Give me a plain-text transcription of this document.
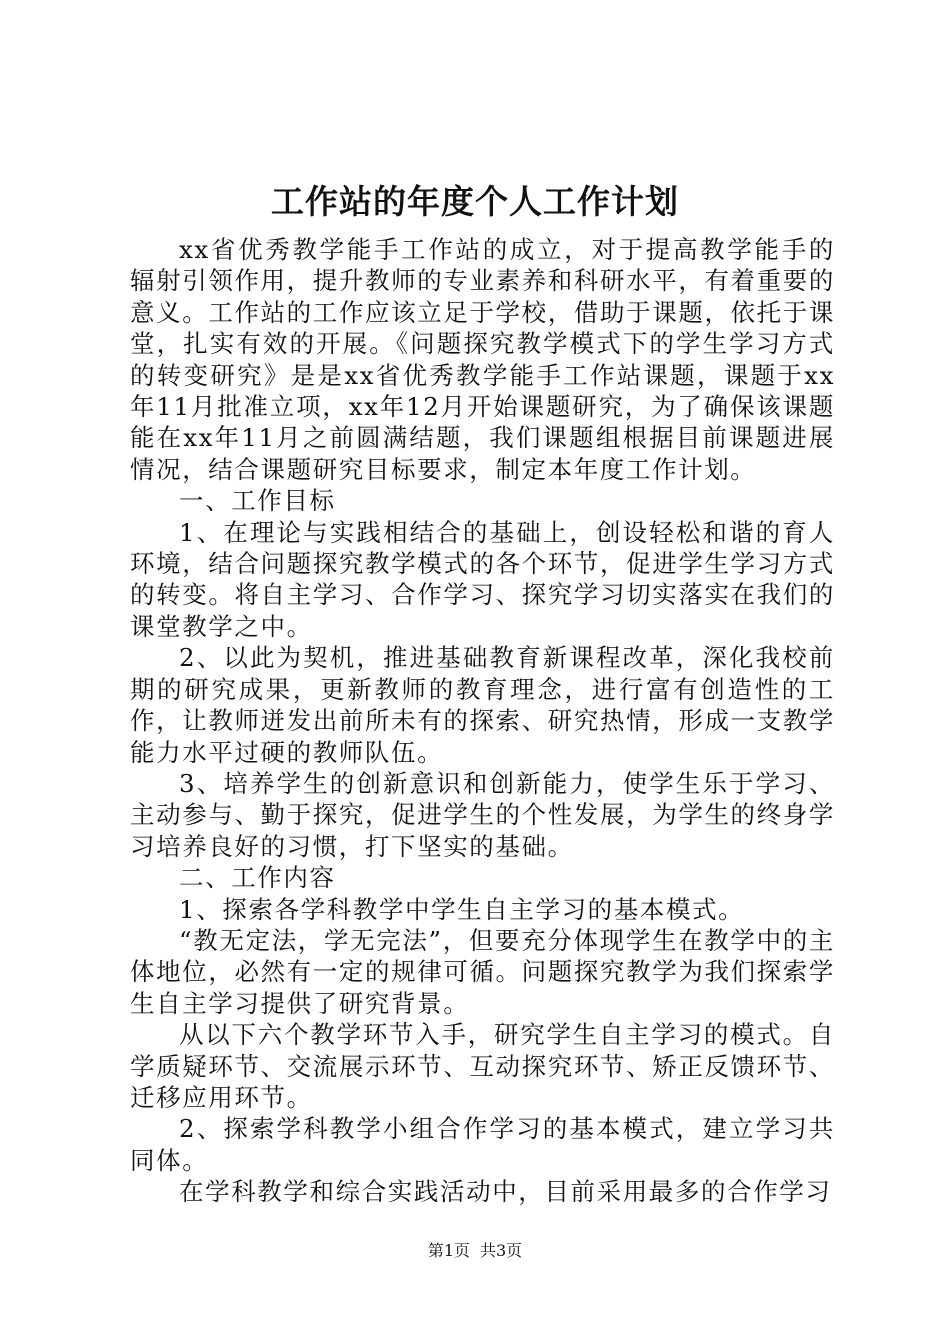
工作站的年度个人工作计划

xx省优秀教学能手工作站的成立，对于提高教学能手的辐射引领作用，提升教师的专业素养和科研水平，有着重要的意义。工作站的工作应该立足于学校，借助于课题，依托于课堂，扎实有效的开展。《问题探究教学模式下的学生学习方式的转变研究》是是xx省优秀教学能手工作站课题，课题于xx年11月批准立项，xx年12月开始课题研究，为了确保该课题能在xx年11月之前圆满结题，我们课题组根据目前课题进展情况，结合课题研究目标要求，制定本年度工作计划。

一、工作目标

1、在理论与实践相结合的基础上，创设轻松和谐的育人环境，结合问题探究教学模式的各个环节，促进学生学习方式的转变。将自主学习、合作学习、探究学习切实落实在我们的课堂教学之中。

2、以此为契机，推进基础教育新课程改革，深化我校前期的研究成果，更新教师的教育理念，进行富有创造性的工作，让教师迸发出前所未有的探索、研究热情，形成一支教学能力水平过硬的教师队伍。

3、培养学生的创新意识和创新能力，使学生乐于学习、主动参与、勤于探究，促进学生的个性发展，为学生的终身学习培养良好的习惯，打下坚实的基础。

二、工作内容

1、探索各学科教学中学生自主学习的基本模式。

“教无定法，学无完法”，但要充分体现学生在教学中的主体地位，必然有一定的规律可循。问题探究教学为我们探索学生自主学习提供了研究背景。

从以下六个教学环节入手，研究学生自主学习的模式。自学质疑环节、交流展示环节、互动探究环节、矫正反馈环节、迁移应用环节。

2、探索学科教学小组合作学习的基本模式，建立学习共同体。

在学科教学和综合实践活动中，目前采用最多的合作学习

第1页 共3页
